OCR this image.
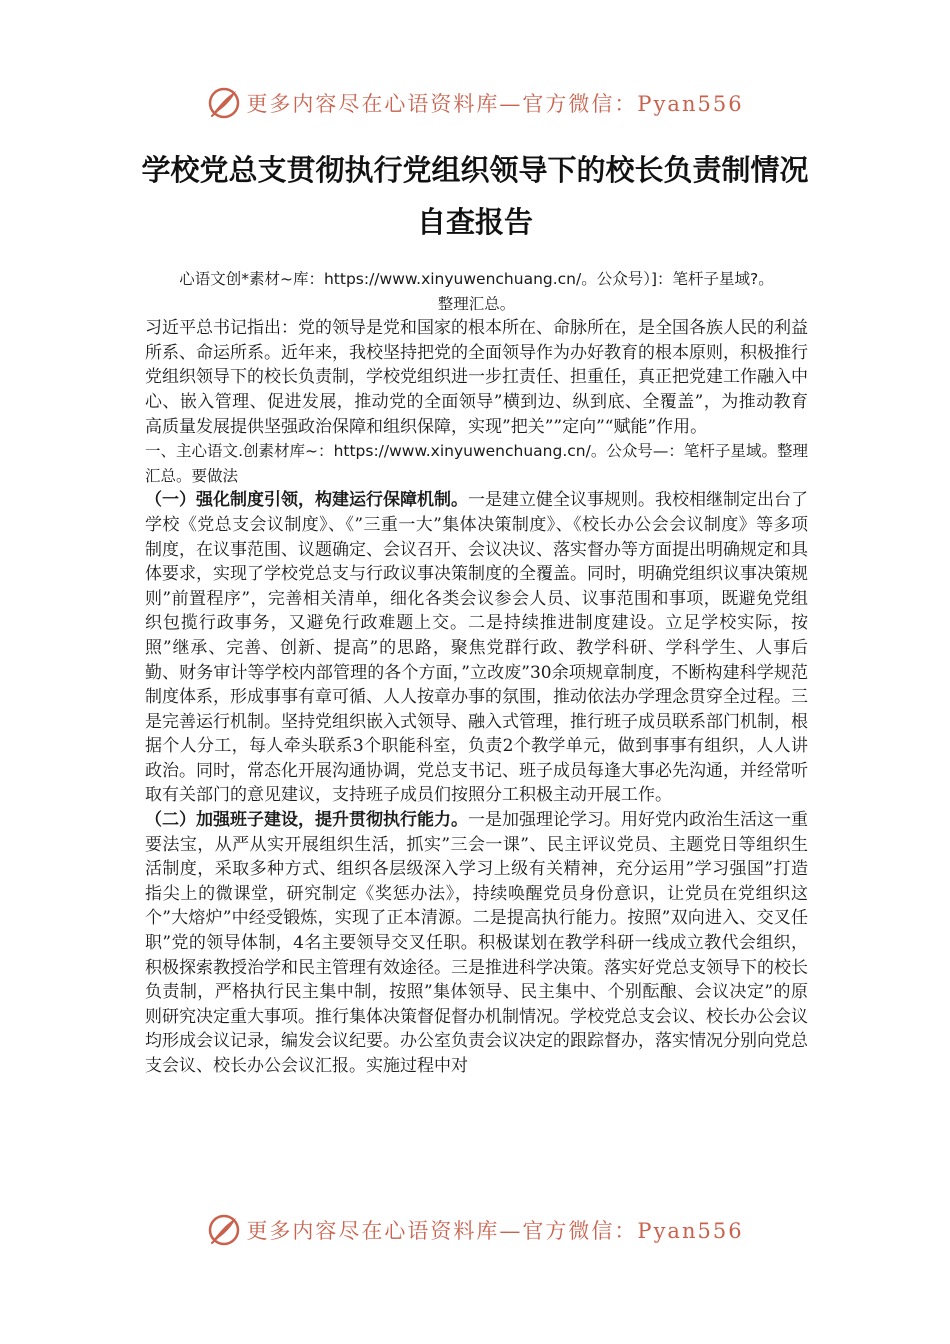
更多内容尽在心语资料库—官方微信：Pyan556
学校党总支贯彻执行党组织领导下的校长负责制情况
自查报告

心语文创*素材~库：https://www.xinyuwenchuang.cn/。公众号）]：笔杆子星域?。

整理汇总。

习近平总书记指出：党的领导是党和国家的根本所在、命脉所在，是全国各族人民的利益所系、命运所系。近年来，我校坚持把党的全面领导作为办好教育的根本原则，积极推行党组织领导下的校长负责制，学校党组织进一步扛责任、担重任，真正把党建工作融入中心、嵌入管理、促进发展，推动党的全面领导”横到边、纵到底、全覆盖”，为推动教育高质量发展提供坚强政治保障和组织保障，实现”把关””定向”“赋能”作用。

一、主心语文.创素材库~：https://www.xinyuwenchuang.cn/。公众号—：笔杆子星域。整理汇总。要做法

（一）强化制度引领，构建运行保障机制。一是建立健全议事规则。我校相继制定出台了学校《党总支会议制度》、《”三重一大”集体决策制度》、《校长办公会会议制度》等多项制度，在议事范围、议题确定、会议召开、会议决议、落实督办等方面提出明确规定和具体要求，实现了学校党总支与行政议事决策制度的全覆盖。同时，明确党组织议事决策规则”前置程序”，完善相关清单，细化各类会议参会人员、议事范围和事项，既避免党组织包揽行政事务，又避免行政难题上交。二是持续推进制度建设。立足学校实际，按照”继承、完善、创新、提高”的思路，聚焦党群行政、教学科研、学科学生、人事后勤、财务审计等学校内部管理的各个方面，”立改废”30余项规章制度，不断构建科学规范制度体系，形成事事有章可循、人人按章办事的氛围，推动依法办学理念贯穿全过程。三是完善运行机制。坚持党组织嵌入式领导、融入式管理，推行班子成员联系部门机制，根据个人分工，每人牵头联系3个职能科室，负责2个教学单元，做到事事有组织，人人讲政治。同时，常态化开展沟通协调，党总支书记、班子成员每逢大事必先沟通，并经常听取有关部门的意见建议，支持班子成员们按照分工积极主动开展工作。

（二）加强班子建设，提升贯彻执行能力。一是加强理论学习。用好党内政治生活这一重要法宝，从严从实开展组织生活，抓实”三会一课”、民主评议党员、主题党日等组织生活制度，采取多种方式、组织各层级深入学习上级有关精神，充分运用”学习强国”打造指尖上的微课堂，研究制定《奖惩办法》，持续唤醒党员身份意识，让党员在党组织这个”大熔炉”中经受锻炼，实现了正本清源。二是提高执行能力。按照”双向进入、交叉任职”党的领导体制，4名主要领导交叉任职。积极谋划在教学科研一线成立教代会组织，积极探索教授治学和民主管理有效途径。三是推进科学决策。落实好党总支领导下的校长负责制，严格执行民主集中制，按照”集体领导、民主集中、个别酝酿、会议决定”的原则研究决定重大事项。推行集体决策督促督办机制情况。学校党总支会议、校长办公会议均形成会议记录，编发会议纪要。办公室负责会议决定的跟踪督办，落实情况分别向党总支会议、校长办公会议汇报。实施过程中对

更多内容尽在心语资料库—官方微信：Pyan556
